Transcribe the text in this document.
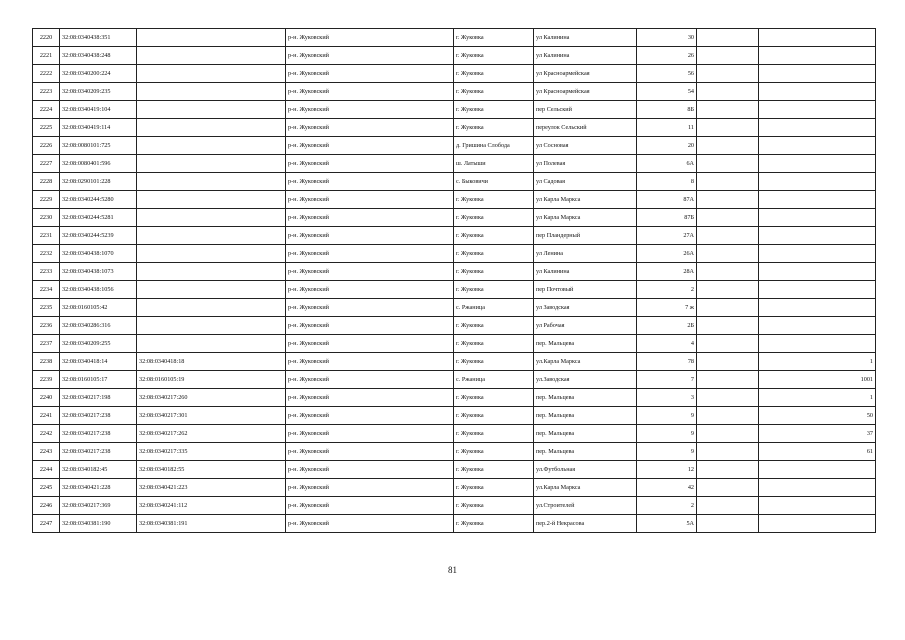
2220	32:08:0340438:351		р-н. Жуковский	г. Жуковка	ул Калинина	30		
2221	32:08:0340438:248		р-н. Жуковский	г. Жуковка	ул Калинина	26		
2222	32:08:0340200:224		р-н. Жуковский	г. Жуковка	ул Красноармейская	56		
2223	32:08:0340209:235		р-н. Жуковский	г. Жуковка	ул Красноармейская	54		
2224	32:08:0340419:104		р-н. Жуковский	г. Жуковка	пер Сельский	8Б		
2225	32:08:0340419:114		р-н. Жуковский	г. Жуковка	переулок Сельский	11		
2226	32:08:0080101:725		р-н. Жуковский	д. Гришина Слобода	ул Сосновая	20		
2227	32:08:0080401:596		р-н. Жуковский	ш. Латыши	ул Полевая	6А		
2228	32:08:0290101:228		р-н. Жуковский	с. Быковичи	ул Садовая	8		
2229	32:08:0340244:5280		р-н. Жуковский	г. Жуковка	ул Карла Маркса	87А		
2230	32:08:0340244:5281		р-н. Жуковский	г. Жуковка	ул Карла Маркса	87Б		
2231	32:08:0340244:5239		р-н. Жуковский	г. Жуковка	пер Пландерный	27А		
2232	32:08:0340438:1070		р-н. Жуковский	г. Жуковка	ул Ленина	26А		
2233	32:08:0340438:1073		р-н. Жуковский	г. Жуковка	ул Калинина	28А		
2234	32:08:0340438:1056		р-н. Жуковский	г. Жуковка	пер Почтовый	2		
2235	32:08:0160105:42		р-н. Жуковский	с. Ржаница	ул Заводская	7 ж		
2236	32:08:0340286:316		р-н. Жуковский	г. Жуковка	ул Рабочая	2Б		
2237	32:08:0340209:255		р-н. Жуковский	г. Жуковка	пер. Мальцева	4		
2238	32:08:0340418:14	32:08:0340418:18	р-н. Жуковский	г. Жуковка	ул.Карла Маркса	78		1
2239	32:08:0160105:17	32:08:0160105:19	р-н. Жуковский	с. Ржаница	ул.Заводская	7		1001
2240	32:08:0340217:198	32:08:0340217:260	р-н. Жуковский	г. Жуковка	пер. Мальцева	3		1
2241	32:08:0340217:238	32:08:0340217:301	р-н. Жуковский	г. Жуковка	пер. Мальцева	9		50
2242	32:08:0340217:238	32:08:0340217:262	р-н. Жуковский	г. Жуковка	пер. Мальцева	9		37
2243	32:08:0340217:238	32:08:0340217:335	р-н. Жуковский	г. Жуковка	пер. Мальцева	9		61
2244	32:08:0340182:45	32:08:0340182:55	р-н. Жуковский	г. Жуковка	ул.Футбольная	12		
2245	32:08:0340421:228	32:08:0340421:223	р-н. Жуковский	г. Жуковка	ул.Карла Маркса	42		
2246	32:08:0340217:369	32:08:0340241:112	р-н. Жуковский	г. Жуковка	ул.Строителей	2		
2247	32:08:0340381:190	32:08:0340381:191	р-н. Жуковский	г. Жуковка	пер.2-й Некрасова	5А		
81
